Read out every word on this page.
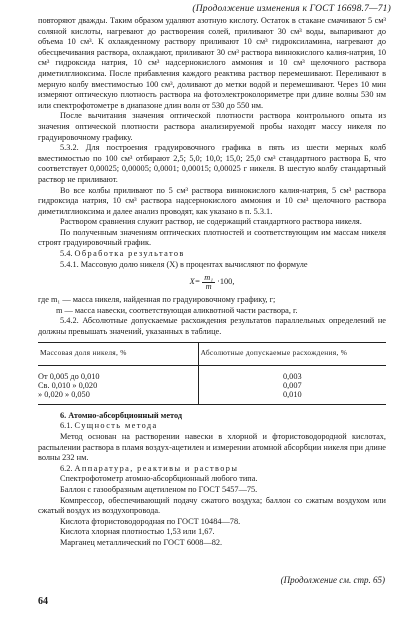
(Продолжение изменения к ГОСТ 16698.7—71)

повторяют дважды. Таким образом удаляют азотную кислоту. Остаток в стакане смачивают 5 см³ соляной кислоты, нагревают до растворения солей, приливают 30 см³ воды, выпаривают до объема 10 см³. К охлажденному раствору приливают 10 см³ гидроксиламина, нагревают до обесцвечивания раствора, охлаждают, приливают 30 см³ раствора виннокислого калия-натрия, 10 см³ гидроксида натрия, 10 см³ надсернокислого аммония и 10 см³ щелочного раствора диметилглиоксима. После прибавления каждого реактива раствор перемешивают. Переливают в мерную колбу вместимостью 100 см³, доливают до метки водой и перемешивают. Через 10 мин измеряют оптическую плотность раствора на фотоэлектроколориметре при длине волны 530 нм или спектрофотометре в диапазоне длин волн от 530 до 550 нм.

После вычитания значения оптической плотности раствора контрольного опыта из значения оптической плотности раствора анализируемой пробы находят массу никеля по градуировочному графику.

5.3.2. Для построения градуировочного графика в пять из шести мерных колб вместимостью по 100 см³ отбирают 2,5; 5,0; 10,0; 15,0; 25,0 см³ стандартного раствора Б, что соответствует 0,00025; 0,00005; 0,0001; 0,00015; 0,00025 г никеля. В шестую колбу стандартный раствор не приливают.

Во все колбы приливают по 5 см³ раствора виннокислого калия-натрия, 5 см³ раствора гидроксида натрия, 10 см³ раствора надсернокислого аммония и 10 см³ щелочного раствора диметилглиоксима и далее анализ проводят, как указано в п. 5.3.1.

Раствором сравнения служит раствор, не содержащий стандартного раствора никеля.

По полученным значениям оптических плотностей и соответствующим им массам никеля строят градуировочный график.

5.4. Обработка результатов

5.4.1. Массовую долю никеля (X) в процентах вычисляют по формуле

$X= \frac{\text{m₁}}{m} \cdot 100$,

где m₁ — масса никеля, найденная по градуировочному графику, г;

m — масса навески, соответствующая аликвотной части раствора, г.

5.4.2. Абсолютные допускаемые расхождения результатов параллельных определений не должны превышать значений, указанных в таблице.

Массовая доля никеля, %	Абсолютные допускаемые расхождения, %
От 0,005 до 0,010	0,003
Св. 0,010 » 0,020	0,007
» 0,020 » 0,050	0,010

6. Атомно-абсорбционный метод

6.1. Сущность метода

Метод основан на растворении навески в хлорной и фтористоводородной кислотах, распылении раствора в пламя воздух-ацетилен и измерении атомной абсорбции никеля при длине волны 232 нм.

6.2. Аппаратура, реактивы и растворы

Спектрофотометр атомно-абсорбционный любого типа.

Баллон с газообразным ацетиленом по ГОСТ 5457—75.

Компрессор, обеспечивающий подачу сжатого воздуха; баллон со сжатым воздухом или сжатый воздух из воздухопровода.

Кислота фтористоводородная по ГОСТ 10484—78.

Кислота хлорная плотностью 1,53 или 1,67.

Марганец металлический по ГОСТ 6008—82.

(Продолжение см. стр. 65)
64
